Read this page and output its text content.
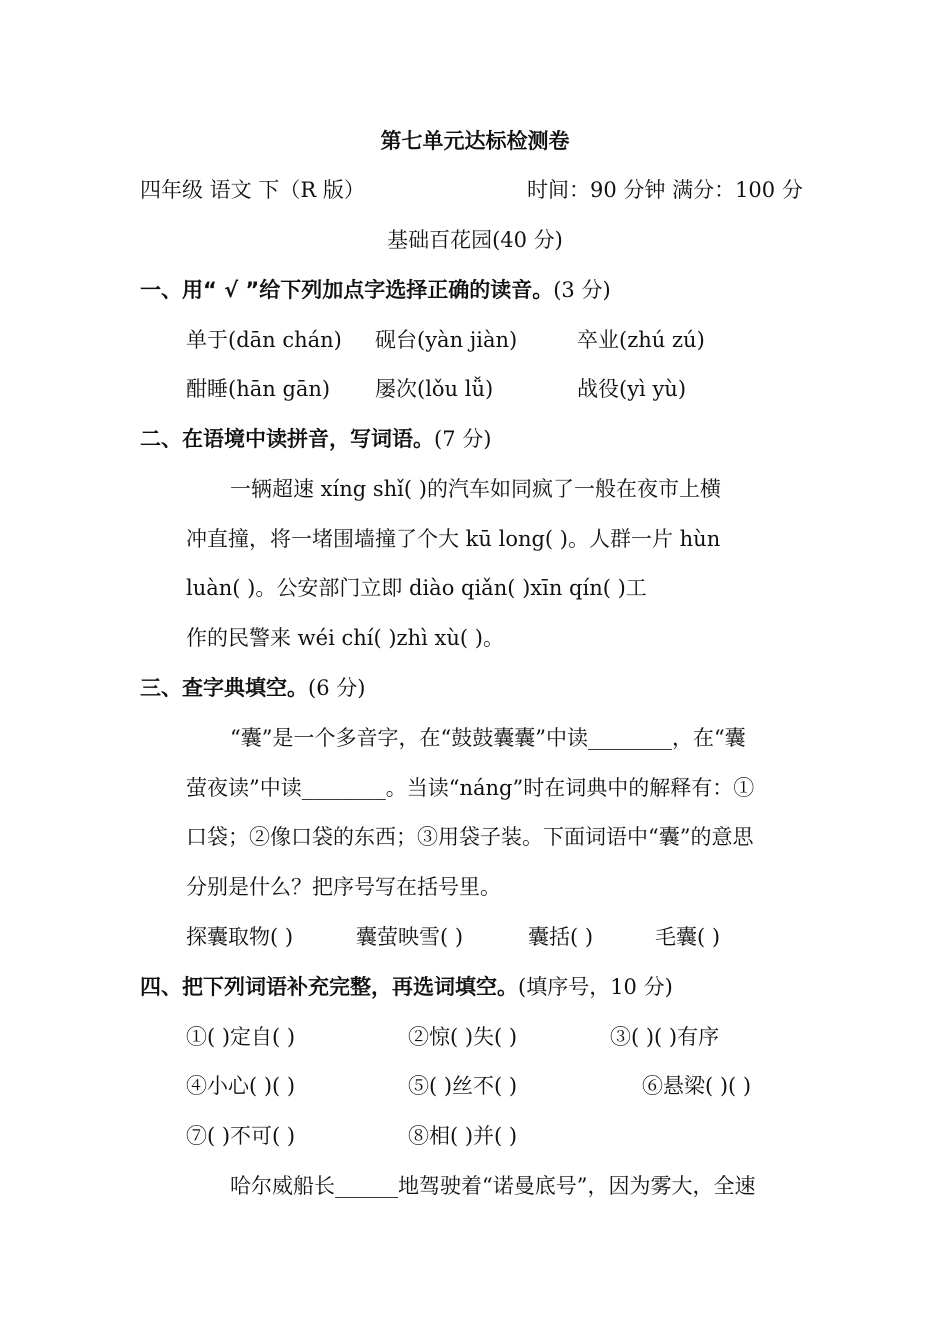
第七单元达标检测卷
四年级 语文 下（R 版）	时间：90 分钟 满分：100 分
基础百花园(40 分)
一、用“ √ ”给下列加点字选择正确的读音。(3 分)
单于(dān chán) 砚台(yàn jiàn)	卒业(zhú zú)
酣睡(hān gān) 屡次(lǒu lǚ)	战役(yì yù)
二、在语境中读拼音，写词语。(7 分)
一辆超速 xíng shǐ( )的汽车如同疯了一般在夜市上横
冲直撞，将一堵围墙撞了个大 kū long( )。人群一片 hùn
luàn( )。公安部门立即 diào qiǎn( )xīn qín( )工
作的民警来 wéi chí( )zhì xù( )。
三、查字典填空。(6 分)
“囊”是一个多音字，在“鼓鼓囊囊”中读________，在“囊
萤夜读”中读________。当读“náng”时在词典中的解释有：①
口袋；②像口袋的东西；③用袋子装。下面词语中“囊”的意思
分别是什么？把序号写在括号里。
探囊取物( )	囊萤映雪( )	囊括( )	毛囊( )
四、把下列词语补充完整，再选词填空。(填序号，10 分)
①( )定自( )	②惊( )失( )	③( )( )有序
④小心( )( )	⑤( )丝不( )	⑥悬梁( )( )
⑦( )不可( )	⑧相( )并( )
哈尔威船长______地驾驶着“诺曼底号”，因为雾大，全速
